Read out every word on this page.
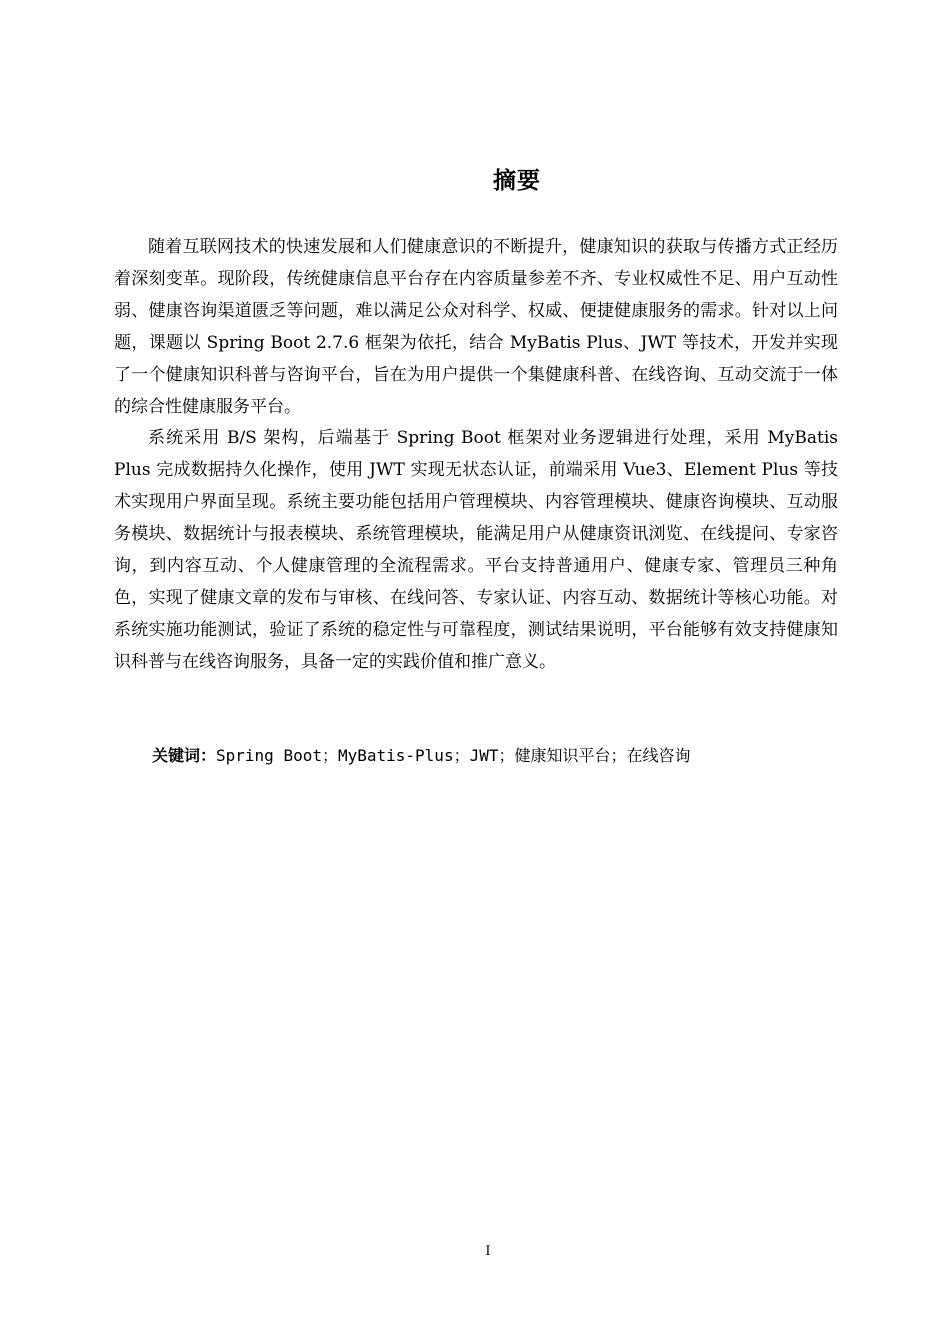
摘要

随着互联网技术的快速发展和人们健康意识的不断提升，健康知识的获取与传播方式正经历着深刻变革。现阶段，传统健康信息平台存在内容质量参差不齐、专业权威性不足、用户互动性弱、健康咨询渠道匮乏等问题，难以满足公众对科学、权威、便捷健康服务的需求。针对以上问题，课题以 Spring Boot 2.7.6 框架为依托，结合 MyBatis Plus、JWT 等技术，开发并实现了一个健康知识科普与咨询平台，旨在为用户提供一个集健康科普、在线咨询、互动交流于一体的综合性健康服务平台。

系统采用 B/S 架构，后端基于 Spring Boot 框架对业务逻辑进行处理，采用 MyBatis Plus 完成数据持久化操作，使用 JWT 实现无状态认证，前端采用 Vue3、Element Plus 等技术实现用户界面呈现。系统主要功能包括用户管理模块、内容管理模块、健康咨询模块、互动服务模块、数据统计与报表模块、系统管理模块，能满足用户从健康资讯浏览、在线提问、专家咨询，到内容互动、个人健康管理的全流程需求。平台支持普通用户、健康专家、管理员三种角色，实现了健康文章的发布与审核、在线问答、专家认证、内容互动、数据统计等核心功能。对系统实施功能测试，验证了系统的稳定性与可靠程度，测试结果说明，平台能够有效支持健康知识科普与在线咨询服务，具备一定的实践价值和推广意义。

关键词：Spring Boot；MyBatis-Plus；JWT；健康知识平台；在线咨询
I
